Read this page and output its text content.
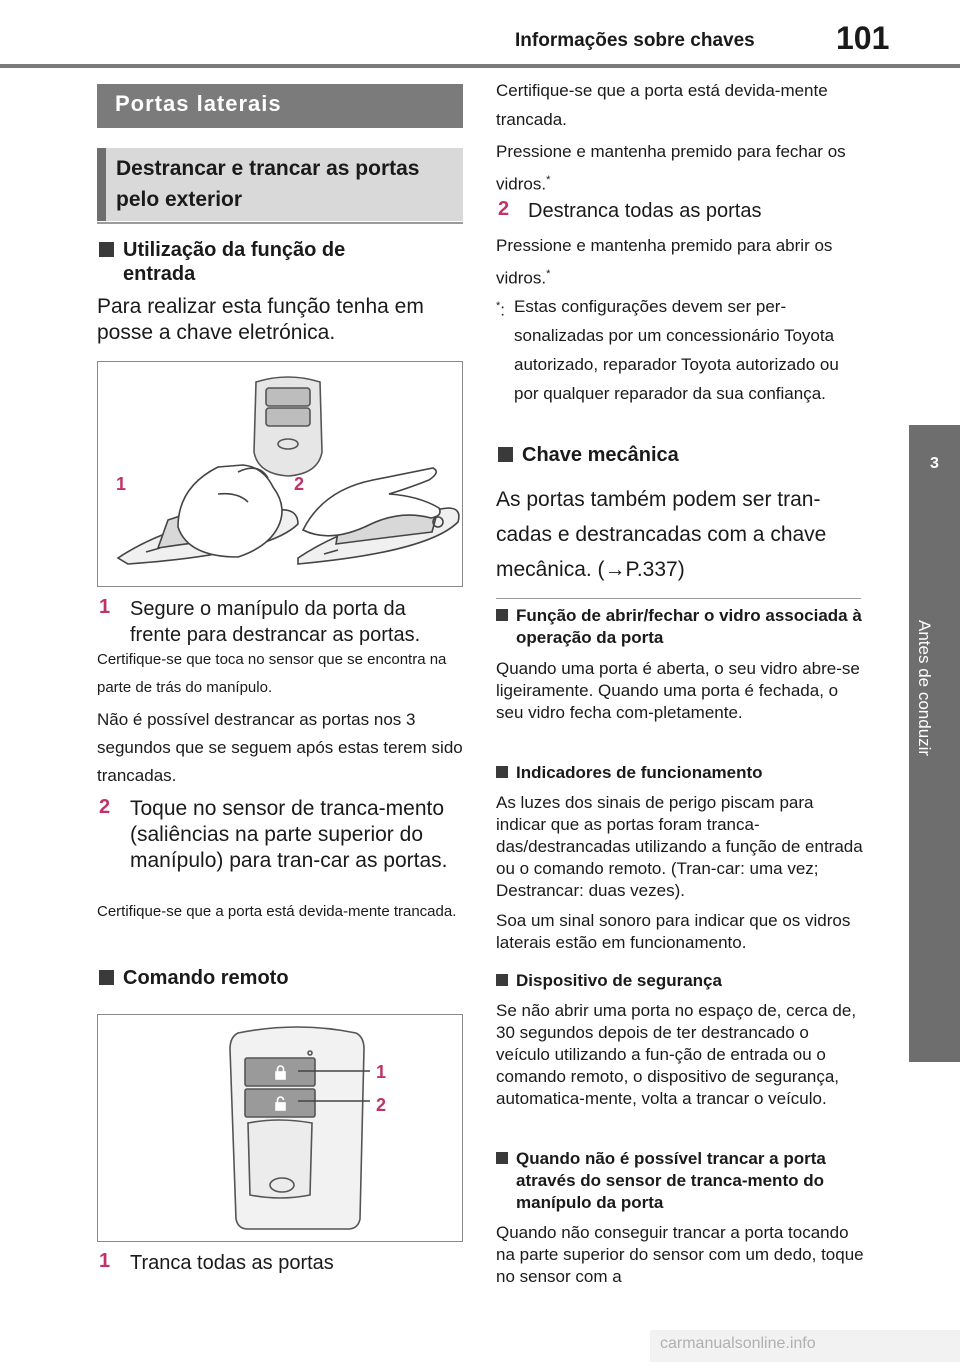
Informações sobre chaves	101
3
Antes de conduzir
Portas laterais
Destrancar e trancar as portas pelo exterior
Utilização da função de entrada
Para realizar esta função tenha em posse a chave eletrónica.
1	2
1 Segure o manípulo da porta da frente para destrancar as portas.
Certifique-se que toca no sensor que se encontra na parte de trás do manípulo.
Não é possível destrancar as portas nos 3 segundos que se seguem após estas terem sido trancadas.
2 Toque no sensor de tranca-mento (saliências na parte superior do manípulo) para tran-car as portas.
Certifique-se que a porta está devida-mente trancada.
Comando remoto
1
2
1 Tranca todas as portas
Certifique-se que a porta está devida-mente trancada.
Pressione e mantenha premido para fechar os vidros.*
2 Destranca todas as portas
Pressione e mantenha premido para abrir os vidros.*
*: Estas configurações devem ser per-sonalizadas por um concessionário Toyota autorizado, reparador Toyota autorizado ou por qualquer reparador da sua confiança.
Chave mecânica
As portas também podem ser tran-cadas e destrancadas com a chave mecânica. (→P.337)
Função de abrir/fechar o vidro associada à operação da porta
Quando uma porta é aberta, o seu vidro abre-se ligeiramente. Quando uma porta é fechada, o seu vidro fecha com-pletamente.
Indicadores de funcionamento
As luzes dos sinais de perigo piscam para indicar que as portas foram tranca-das/destrancadas utilizando a função de entrada ou o comando remoto. (Tran-car: uma vez; Destrancar: duas vezes).
Soa um sinal sonoro para indicar que os vidros laterais estão em funcionamento.
Dispositivo de segurança
Se não abrir uma porta no espaço de, cerca de, 30 segundos depois de ter destrancado o veículo utilizando a fun-ção de entrada ou o comando remoto, o dispositivo de segurança, automatica-mente, volta a trancar o veículo.
Quando não é possível trancar a porta através do sensor de tranca-mento do manípulo da porta
Quando não conseguir trancar a porta tocando na parte superior do sensor com um dedo, toque no sensor com a
carmanualsonline.info
